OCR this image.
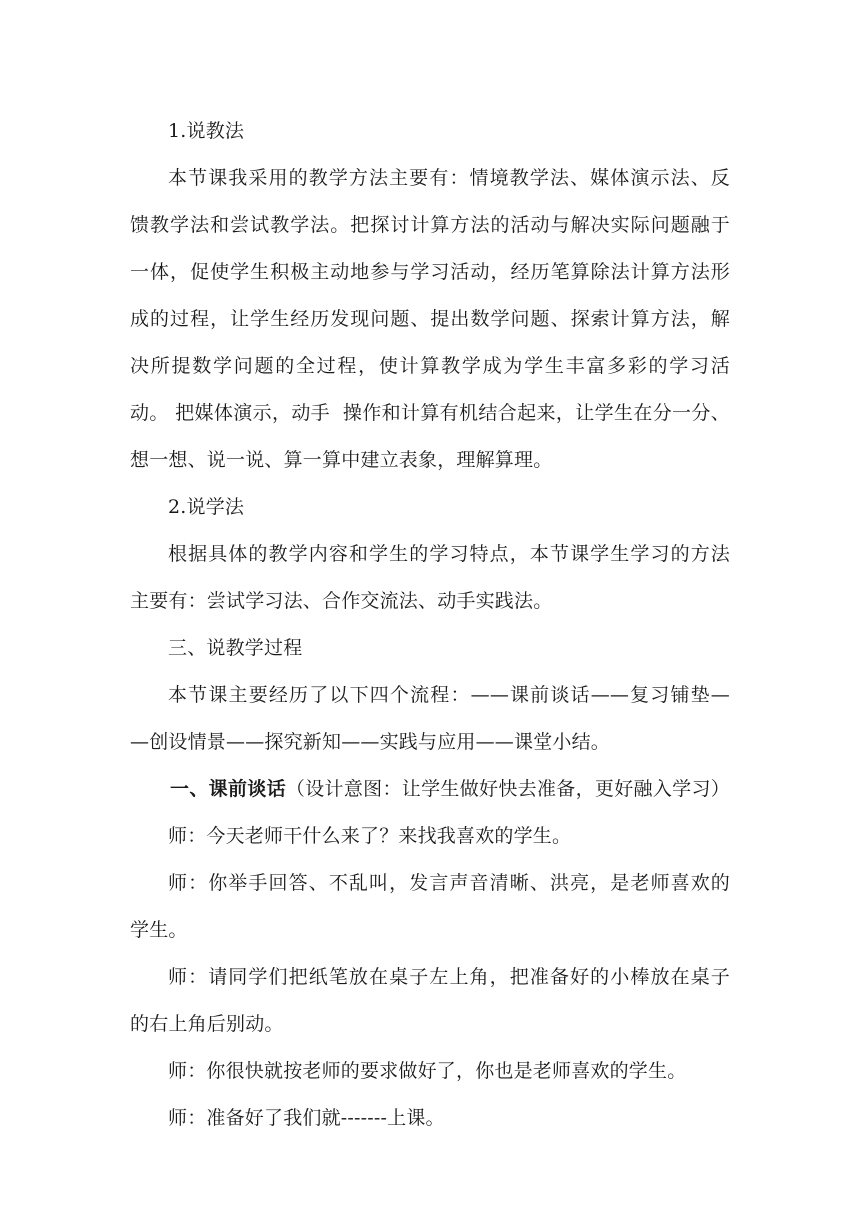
1.说教法
本节课我采用的教学方法主要有：情境教学法、媒体演示法、反
馈教学法和尝试教学法。把探讨计算方法的活动与解决实际问题融于
一体，促使学生积极主动地参与学习活动，经历笔算除法计算方法形
成的过程，让学生经历发现问题、提出数学问题、探索计算方法，解
决所提数学问题的全过程，使计算教学成为学生丰富多彩的学习活
动。 把媒体演示，动手  操作和计算有机结合起来，让学生在分一分、
想一想、说一说、算一算中建立表象，理解算理。
2.说学法
根据具体的教学内容和学生的学习特点，本节课学生学习的方法
主要有：尝试学习法、合作交流法、动手实践法。
三、说教学过程
本节课主要经历了以下四个流程：——课前谈话——复习铺垫—
—创设情景——探究新知——实践与应用——课堂小结。
一、课前谈话（设计意图：让学生做好快去准备，更好融入学习）
师：今天老师干什么来了？来找我喜欢的学生。
师：你举手回答、不乱叫，发言声音清晰、洪亮，是老师喜欢的
学生。
师：请同学们把纸笔放在桌子左上角，把准备好的小棒放在桌子
的右上角后别动。
师：你很快就按老师的要求做好了，你也是老师喜欢的学生。
师：准备好了我们就-------上课。
